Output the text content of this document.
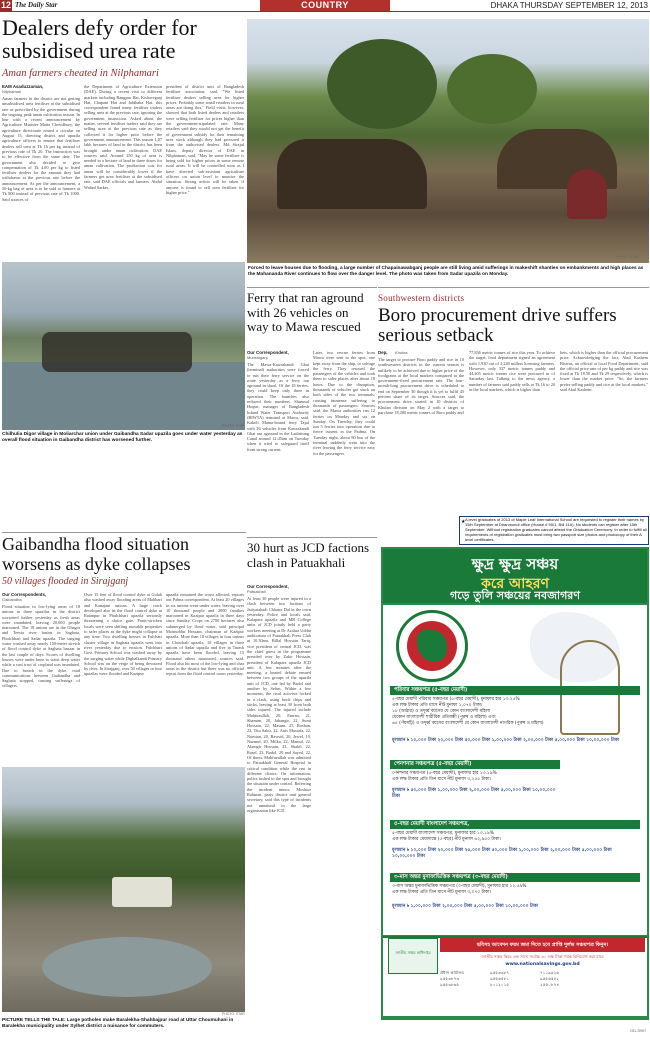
12 The Daily Star	COUNTRY	DHAKA THURSDAY SEPTEMBER 12, 2013
Dealers defy order for subsidised urea rate
Aman farmers cheated in Nilphamari
EAM Asaduzzaman,
Nilphamari
Aman farmers in the district are not getting unsubsidised urea fertiliser at the subsidised rate as prescribed by the government during the ongoing peak aman cultivation season. In line with a recent announcement by Agriculture Minister Matia Chowdhury, the agriculture directorate issued a circular on August 15, directing district and upazila agriculture officers to ensure that fertiliser dealers sell urea at Tk 16 per kg instead of previous rate of Tk 20. The instruction was to be effective from the same date. The government also decided to give compensation of Tk 4.00 per kg to listed fertiliser dealers for the amount they had withdrawn at the previous rate before the announcement. As per the announcement, a 50-kg bag of urea is to be sold to farmers at Tk 800 instead of previous rate of Tk 1000. Said sources of
the Department of Agriculture Extension (DAE). During a recent visit to different markets including Rangpur Hat, Kishoreganj Hat, Chapani Hat and Jaldhaka Hat, this correspondent found many fertiliser traders selling urea at the previous rate, ignoring the government instruction. Asked about the matter, several fertiliser traders said they are selling urea at the previous rate as they collected it for higher price before the government announcement. This season 1,07 lakh hectares of land in the district has been brought under aman cultivation, DAE sources said. Around 250 kg of urea is needed in a hectare of land in three doses for aman cultivation. The production cost for aman will be considerably lower if the farmers get urea fertiliser at the subsidised rate, said DAE officials and farmers. Abdul Wahed Sarker,
president of district unit of Bangladesh fertiliser association, said, "We listed fertiliser dealers selling urea for higher prices. Probably some small retailers in rural areas are doing this." Field visits, however, showed that both listed dealers and retailers were selling fertiliser for prices higher than the government-stipulated rate. Many retailers said they would not get the benefit of government subsidy for their remaining urea stock although they had procured it from the authorised dealers. Md Sirajul Islam, deputy director of DAE in Nilphamari, said, "May be some fertiliser is being sold for higher prices in some remote rural areas. It will be controlled soon as I have directed sub-assistant agriculture officers on union level to monitor the situation. Strong action will be taken if anyone is found to sell urea fertiliser for higher price."
PHOTO: STAR
Forced to leave houses due to flooding, a large number of Chapainawabganj people are still living amid sufferings in makeshift shanties on embankments and high places as the Mahananda River continues to flow over the danger level. The photo was taken from Sadar upazila on Monday.
PHOTO: STAR
Chilhulia Digor village in Moliarchar union under Gaibandha Sadar upazila goes under water yesterday as overall flood situation in Gaibandha district has worsened further.
Ferry that ran aground with 26 vehicles on way to Mawa rescued
Our Correspondent,
Munshiganj
The Mawa-Kawrakandi Ghat (terminal) authorities were forced to run their ferry service on the route yesterday as a ferry ran aground in shoal. Of the 18 ferries, they could keep only three in operation. The launches also reduced their numbers. Shamsul Hoque, manager of Bangladesh Inland Water Transport Authority (BIWTA) terminal at Mawa, said, Kakoli Mama-bound ferry Tajul with 26 vehicles from Kawrakandi Ghat ran aground in the Ladiritung Canal around 12:45am on Tuesday when it tried to safeguard itself from strong current.
Later, two rescue ferries from Mawa were sent to the spot, one kept away from the ship, to salvage the ferry. They rescued the passengers of the vehicles and took them to safer places after about 18 hours. Due to the disruption, thousands of vehicles got stuck on both sides of the two terminals, causing immense suffering to thousands of passengers. Sources said, the Mawa authorities ran 12 ferries on Monday and six on Sunday. On Tuesday, they could run 5 ferries into operation due to fierce current in the Padma. On Tuesday night, about 80 bus of the terminal suddenly went into the river leaving the ferry service easy for the passengers.
Southwestern districts
Boro procurement drive suffers serious setback
Dep, Khulna
The target to procure Boro paddy and rice in 10 southwestern districts in the current season is unlikely to be achieved due to higher price of the foodgrains at the local markets compared to the government-fixed procurement rate. The four-month-long procurement drive is scheduled to end on September 30 though it is yet to fulfil 45 percent share of its target. Sources said, the procurement drive started in 10 districts of Khulna division on May 2 with a target to purchase 18,280 metric tonnes of Boro paddy and
77,836 metric tonnes of rice this year. To achieve the target, food department signed an agreement with 1,930 out of 2,240 millers licensing farmers. However, only 337 metric tonnes paddy and 44,405 metric tonnes rice were procured as of Saturday last. Talking to the news agency, a number of farmers said paddy sells at Tk 16 to 20 in the local markets, which is higher than
kets, which is higher than the official procurement price. Acknowledging the fact, Abul Kashem Biswas, an official at local Food Department, said the official price rate of per kg paddy and rice was fixed at Tk 18.50 and Tk 29 respectively, which is lower than the market price. "So, the farmers prefer selling paddy and rice at the local markets," said Abul Kashem.
★ A level graduates of 2013 of Maple Leaf International School are requested to register their names by 15th September at Dhanmondi office (House # 95/1, Bdl 11A). No students can register after 15th September. Without registration graduates cannot attend the Graduation Ceremony. In order to fulfill all requirements of registration graduates must bring two passport size photos and photocopy of their A level certificates.
Gaibandha flood situation worsens as dyke collapses
50 villages flooded in Sirajganj
Our Correspondents,
Gaibandha
Flood situation in low-lying areas of 18 unions in three upazilas in the district worsened further yesterday as fresh areas were inundated, leaving 20,000 people marooned. The 18 unions are in the Ghagot and Teesta river basins in Saghata, Phulchhari and Sadar upazila. The surging water washed away nearly 150-meter stretch of flood control dyke at Saghata bazaar in the last couple of days. Scores of dwelling houses were under knee to waist deep water while a vast tract of cropland was inundated. Due to breach in the dyke, road communications between Gaibandha and Saghata stopped, causing sufferings of villagers.
Over 15 feet of flood control dyke at Golah also washed away flooding areas of Malibari and Kanajani unions. A large crack developed also in the flood control dyke at Ratanpur in Phulchhari upazila seriously threatening a sluice gate. Panic-stricken locals were seen shifting movable properties to safer places as the dyke might collapse at any time. Two dwelling houses in Fulchari cluster village in Saghata upazila went into river yesterday due to erosion. Fulchhari Govt Primary School was washed away by the surging water while Dighalkandi Primary School was on the verge of being devoured by river. In Sirajganj, over 50 villages in four upazilas were flooded and Kazipur
upazila remained the worst affected, reports our Pabna correspondent. At least 20 villages in six unions went under water, leaving over 10 thousand people and 2000 families marooned in Kazipur upazila in three days since Sunday. Crops on 2700 hectares also submerged by flood water, said principal Moinuddin Hossain, chairman of Kazipur upazila. More than 10 villages in four unions in Chowhali upazila, 10 villages in three unions of Sadar upazila and five in Tarash upazila have been flooded, leaving 15 thousand others marooned, sources said. Flood also hit most of the low-lying and char areas in the district but there was no official report from the flood control room yesterday.
PHOTO: STAR
PICTURE TELLS THE TALE: Large potholes make Baralekha-Shahbajpur road at Uttar Choumuhani in Baralekha municipality under Sylhet district a nuisance for commuters.
30 hurt as JCD factions clash in Patuakhali
Our Correspondent,
Patuakhali
At least 30 people were injured in a clash between two factions of Jatiyatabadi Chhatra Dal in the town yesterday. Police and locals said, Kalapara upazila and MB College units of JCD jointly held a party workers meeting at Dr Azahar Uddin auditorium of Patuakhali Press Club at 10.30am. Billal Hossain Tariq, vice president of central JCD, was the chief guest in the programme presided over by Zakir Hossain, president of Kalapara upazila JCD unit. A few minutes after the meeting, a heated debate ensued between two groups of the upazila unit of JCD, one led by Badol and another by Selim. Within a few moments, the rival activists locked in a clash, using brick chips and sticks, leaving at least 30 from both sides injured. The injured include Mahfuzullah, 20, Emran, 21, Shamim, 20, Jahangir, 22, Sumi Hossain, 22, Masum, 25, Roshan, 22, Titu Sakir, 22, Anis Mustafa, 22, Nomian, 20, Bawsid, 20, Jewel, 19, Nazmul, 20, Milka, 22, Mamul, 22, Alamgir Hossain, 21, Shakil, 22, Rasel, 23, Badol, 20 and Sayed, 22. Of them, Mahfuzullah was admitted to Patuakhali General Hospital in critical condition while the rest in different clinics. On information, police rushed to the spot and brought the situation under control. Referring the incident minor, Moshiur Rahman, party district unit general secretary, said this type of incidents not unnatural in the large organisation like JCD.
ক্ষুদ্র ক্ষুদ্র সঞ্চয়
করে আহরণ
গড়ে তুলি সঞ্চয়ের নবজাগরণ
পরিবার সঞ্চয়পত্র (৫-বছর মেয়াদী)
৫-বছর মেয়াদী পরিবার সঞ্চয়পত্র (৫-বছর মেয়াদী), মুনাফার হার ১৩.২৫%
এক লক্ষ টাকার প্রতি মাসে নীট মুনাফা ১,০৭০ টাকা।
১৮ (আঠার) ও তদূর্ধ্ব বয়সের যে কোন বাংলাদেশী মহিলা
যেকোন বাংলাদেশী শারীরিক প্রতিবন্ধী (পুরুষ ও মহিলা) এবং
৬৫ (পঁয়ষট্টি) ও তদূর্ধ্ব বয়সের বাংলাদেশী যে কোন বাংলাদেশী নাগরিক (পুরুষ ও মহিলা)
মূল্যমান ৳ ১০,০০০ টাকা ২০,০০০ টাকা ৫০,০০০ টাকা ১,০০,০০০ টাকা ২,০০,০০০ টাকা ৫,০০,০০০ টাকা ১০,০০,০০০ টাকা
পেনশনার সঞ্চয়পত্র (৫-বছর মেয়াদী)
পেনশনার সঞ্চয়পত্র (৫-বছর মেয়াদী), মুনাফার হার ১৩.১৯%
এক লক্ষ টাকার প্রতি তিন মাসে নীট মুনাফা ৩,২৫৫ টাকা।
মূল্যমান ৳ ৫০,০০০ টাকা ১,০০,০০০ টাকা ২,০০,০০০ টাকা ৫,০০,০০০ টাকা ১০,০০,০০০ টাকা
৫-বছর মেয়াদী বাংলাদেশ সঞ্চয়পত্র,
৫-বছর মেয়াদী বাংলাদেশ সঞ্চয়পত্র, মুনাফার হার ১৩.১৯%
এক লক্ষ টাকার মেয়াদান্তে (৫-বছর) নীট মুনাফা ৬২,৯৫০ টাকা।
মূল্যমান ৳ ১০,০০০ টাকা ২০,০০০ টাকা ২৫,০০০ টাকা ৫০,০০০ টাকা ১,০০,০০০ টাকা ২,০০,০০০ টাকা ৫,০০,০০০ টাকা ১০,০০,০০০ টাকা
৩-মাস অন্তর মুনাফাভিত্তিক সঞ্চয়পত্র (৩-বছর মেয়াদী)
৩-মাস অন্তর মুনাফাভিত্তিক সঞ্চয়পত্র (৩-বছর মেয়াদী), মুনাফার হার ১২.৫৯%
এক লক্ষ টাকার প্রতি তিন মাসে নীট মুনাফা ৩,০৭০ টাকা।
মূল্যমান ৳ ১,০০,০০০ টাকা ২,০০,০০০ টাকা ৫,০০,০০০ টাকা ১০,০০,০০০ টাকা
জাতীয় সঞ্চয় অধিদপ্তর
ছবিসহ আবেদন ফরম জমা দিতে হবে প্রাপ্তি দুর্লভ সঞ্চয়পত্র কিনুন।
জাতীয় সঞ্চয় স্কিমে এক সাথে সর্বোচ্চ ৩০ লক্ষ টাকা পর্যন্ত বিনিয়োগ করা যাবে
www.nationalsavings.gov.bd
প্রধান কার্যালয়	৯৫৫৩৩৮৭	৭১১৯৯২৬
৯৫৫৩৮৭৩	৯৫৫৬৫৮১	৯৫৫৬৫৪২
৯৫৫৩৮৬৫	৮০১২০১৫	২৫৫০৮৭৪
GD-3997
